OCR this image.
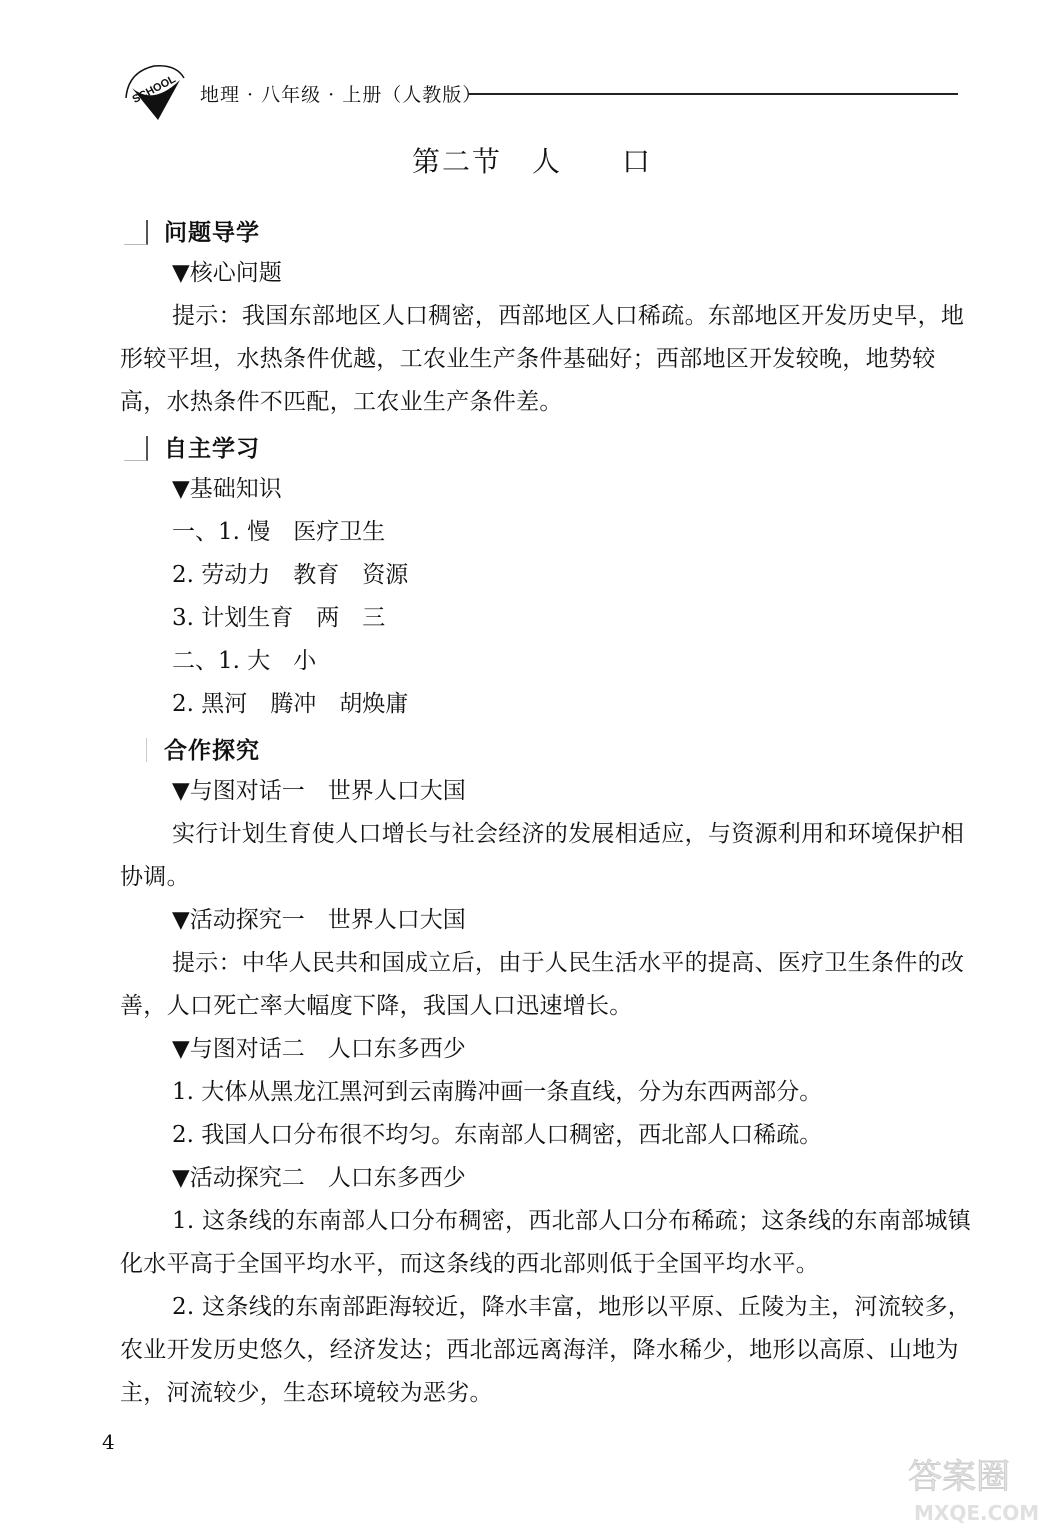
SCHOOL 地理 · 八年级 · 上册（人教版）
第二节　人　　口
问题导学
▼核心问题
提示：我国东部地区人口稠密，西部地区人口稀疏。东部地区开发历史早，地形较平坦，水热条件优越，工农业生产条件基础好；西部地区开发较晚，地势较高，水热条件不匹配，工农业生产条件差。
自主学习
▼基础知识
一、1. 慢　医疗卫生
2. 劳动力　教育　资源
3. 计划生育　两　三
二、1. 大　小
2. 黑河　腾冲　胡焕庸
合作探究
▼与图对话一　世界人口大国
实行计划生育使人口增长与社会经济的发展相适应，与资源利用和环境保护相协调。
▼活动探究一　世界人口大国
提示：中华人民共和国成立后，由于人民生活水平的提高、医疗卫生条件的改善，人口死亡率大幅度下降，我国人口迅速增长。
▼与图对话二　人口东多西少
1. 大体从黑龙江黑河到云南腾冲画一条直线，分为东西两部分。
2. 我国人口分布很不均匀。东南部人口稠密，西北部人口稀疏。
▼活动探究二　人口东多西少
1. 这条线的东南部人口分布稠密，西北部人口分布稀疏；这条线的东南部城镇化水平高于全国平均水平，而这条线的西北部则低于全国平均水平。
2. 这条线的东南部距海较近，降水丰富，地形以平原、丘陵为主，河流较多，农业开发历史悠久，经济发达；西北部远离海洋，降水稀少，地形以高原、山地为主，河流较少，生态环境较为恶劣。
4
答案圈
MXQE.COM
